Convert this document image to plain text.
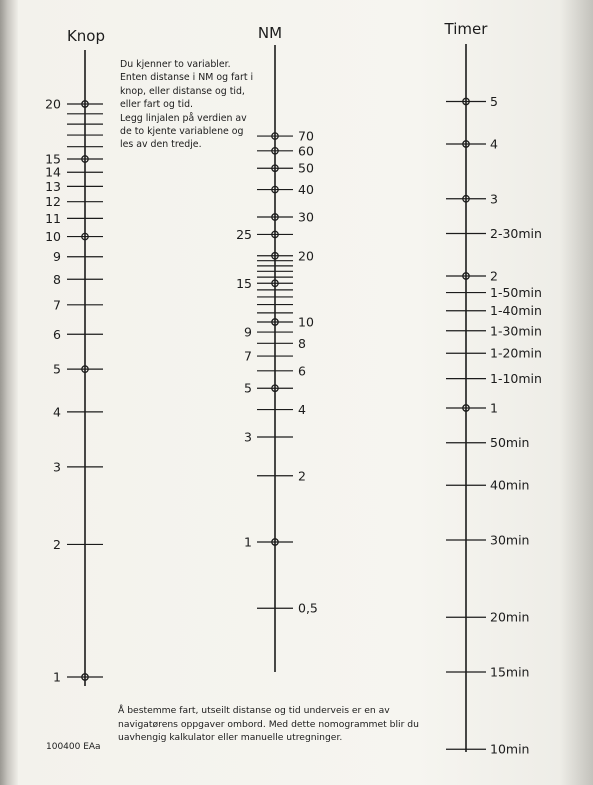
Knop
1
2
3
4
5
6
7
8
9
10
11
12
13
14
15
20
NM
1
3
5
7
9
15
25
0,5
2
4
6
8
10
20
30
40
50
60
70
Timer
10min
15min
20min
30min
40min
50min
1
1-10min
1-20min
1-30min
1-40min
1-50min
2
2-30min
3
4
5
Du kjenner to variabler.
Enten distanse i NM og fart i
knop, eller distanse og tid,
eller fart og tid.
Legg linjalen på verdien av
de to kjente variablene og
les av den tredje.
Å bestemme fart, utseilt distanse og tid underveis er en av
navigatørens oppgaver ombord. Med dette nomogrammet blir du
uavhengig kalkulator eller manuelle utregninger.
100400 EAa
